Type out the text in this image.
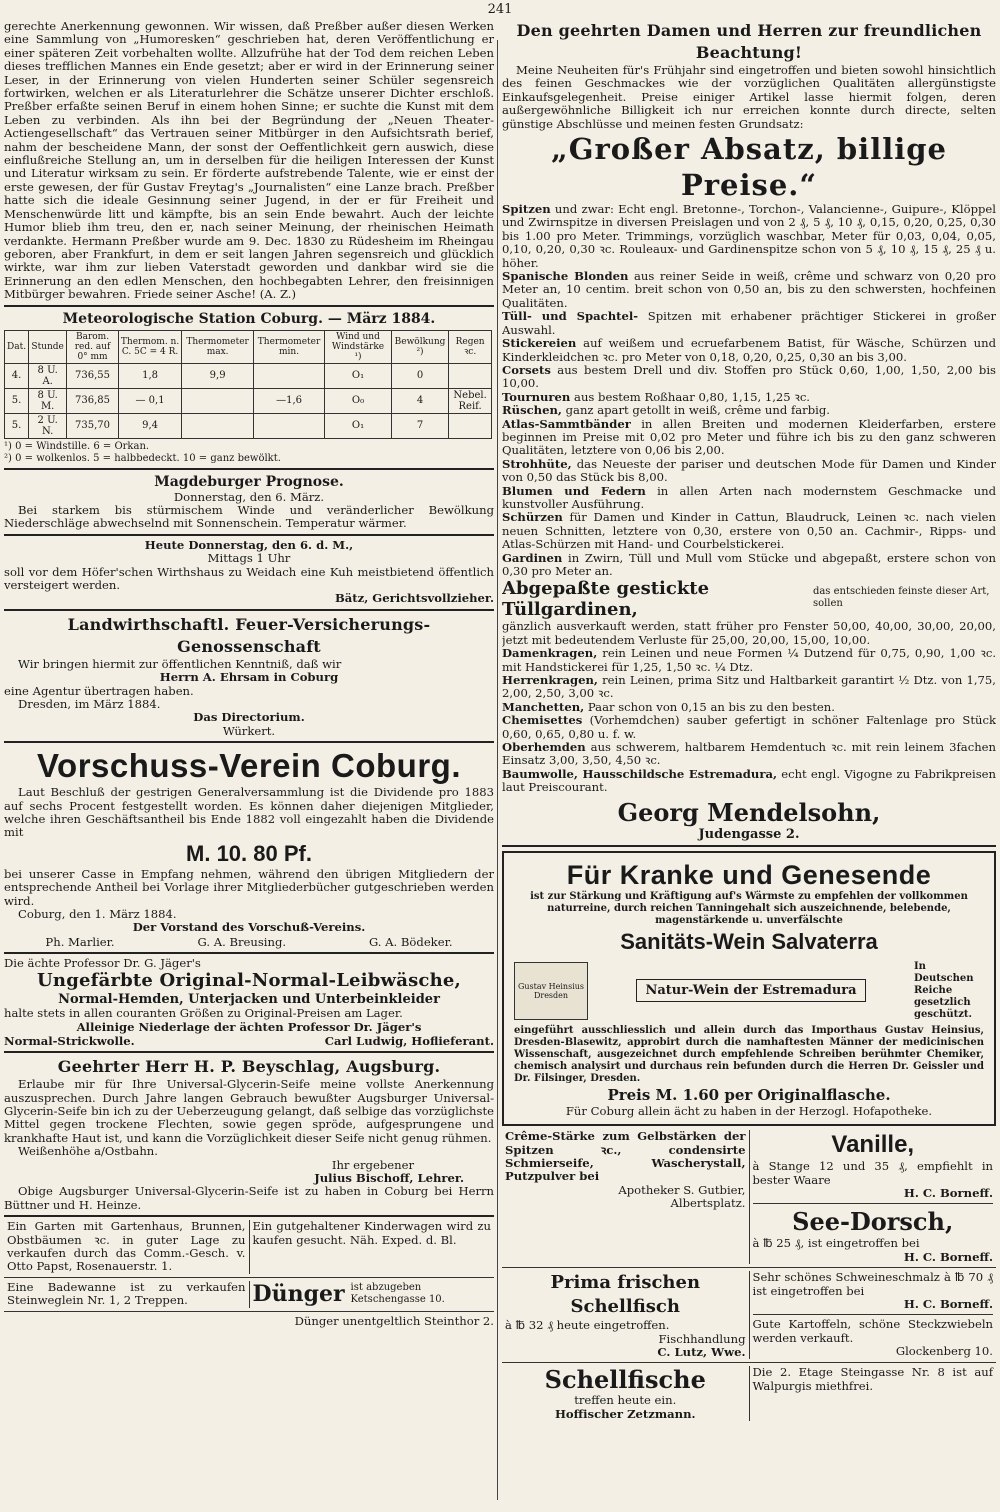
241

gerechte Anerkennung gewonnen. Wir wissen, daß Preßber außer diesen Werken eine Sammlung von „Humoresken“ geschrieben hat, deren Veröffentlichung er einer späteren Zeit vorbehalten wollte. Allzufrühe hat der Tod dem reichen Leben dieses trefflichen Mannes ein Ende gesetzt; aber er wird in der Erinnerung seiner Leser, in der Erinnerung von vielen Hunderten seiner Schüler segensreich fortwirken, welchen er als Literaturlehrer die Schätze unserer Dichter erschloß. Preßber erfaßte seinen Beruf in einem hohen Sinne; er suchte die Kunst mit dem Leben zu verbinden. Als ihn bei der Begründung der „Neuen Theater-Actiengesellschaft“ das Vertrauen seiner Mitbürger in den Aufsichtsrath berief, nahm der bescheidene Mann, der sonst der Oeffentlichkeit gern auswich, diese einflußreiche Stellung an, um in derselben für die heiligen Interessen der Kunst und Literatur wirksam zu sein. Er förderte aufstrebende Talente, wie er einst der erste gewesen, der für Gustav Freytag's „Journalisten“ eine Lanze brach. Preßber hatte sich die ideale Gesinnung seiner Jugend, in der er für Freiheit und Menschenwürde litt und kämpfte, bis an sein Ende bewahrt. Auch der leichte Humor blieb ihm treu, den er, nach seiner Meinung, der rheinischen Heimath verdankte. Hermann Preßber wurde am 9. Dec. 1830 zu Rüdesheim im Rheingau geboren, aber Frankfurt, in dem er seit langen Jahren segensreich und glücklich wirkte, war ihm zur lieben Vaterstadt geworden und dankbar wird sie die Erinnerung an den edlen Menschen, den hochbegabten Lehrer, den freisinnigen Mitbürger bewahren. Friede seiner Asche! (A. Z.)

Meteorologische Station Coburg. — März 1884.
Dat.	Stunde	Barom. red. auf 0° mm	Thermom. n. C. 5C = 4 R.	Thermometer max.	Thermometer min.	Wind und Windstärke ¹)	Bewölkung ²)	Regen ꝛc.
4.	8 U. A.	736,55	1,8	9,9		O₁	0	
5.	8 U. M.	736,85	— 0,1		—1,6	O₀	4	Nebel. Reif.
5.	2 U. N.	735,70	9,4			O₁	7	

¹) 0 = Windstille. 6 = Orkan.

²) 0 = wolkenlos. 5 = halbbedeckt. 10 = ganz bewölkt.

Magdeburger Prognose.

Donnerstag, den 6. März.

Bei starkem bis stürmischem Winde und veränderlicher Bewölkung Niederschläge abwechselnd mit Sonnenschein. Temperatur wärmer.

Heute Donnerstag, den 6. d. M.,

Mittags 1 Uhr

soll vor dem Höfer'schen Wirthshaus zu Weidach eine Kuh meistbietend öffentlich versteigert werden.

Bätz, Gerichtsvollzieher.

Landwirthschaftl. Feuer-Versicherungs-Genossenschaft

Wir bringen hiermit zur öffentlichen Kenntniß, daß wir

Herrn A. Ehrsam in Coburg

eine Agentur übertragen haben.

Dresden, im März 1884.

Das Directorium.

Würkert.

Vorschuss-Verein Coburg.

Laut Beschluß der gestrigen Generalversammlung ist die Dividende pro 1883 auf sechs Procent festgestellt worden. Es können daher diejenigen Mitglieder, welche ihren Geschäftsantheil bis Ende 1882 voll eingezahlt haben die Dividende mit

M. 10. 80 Pf.

bei unserer Casse in Empfang nehmen, während den übrigen Mitgliedern der entsprechende Antheil bei Vorlage ihrer Mitgliederbücher gutgeschrieben werden wird.

Coburg, den 1. März 1884.

Der Vorstand des Vorschuß-Vereins.

Ph. Marlier.	G. A. Breusing.	G. A. Bödeker.

Die ächte Professor Dr. G. Jäger's

Ungefärbte Original-Normal-Leibwäsche,
Normal-Hemden, Unterjacken und Unterbeinkleider

halte stets in allen couranten Größen zu Original-Preisen am Lager.

Alleinige Niederlage der ächten Professor Dr. Jäger's

Normal-Strickwolle.	Carl Ludwig, Hoflieferant.
Geehrter Herr H. P. Beyschlag, Augsburg.

Erlaube mir für Ihre Universal-Glycerin-Seife meine vollste Anerkennung auszusprechen. Durch Jahre langen Gebrauch bewußter Augsburger Universal-Glycerin-Seife bin ich zu der Ueberzeugung gelangt, daß selbige das vorzüglichste Mittel gegen trockene Flechten, sowie gegen spröde, aufgesprungene und krankhafte Haut ist, und kann die Vorzüglichkeit dieser Seife nicht genug rühmen.

Weißenhöhe a/Ostbahn.

Ihr ergebener

Julius Bischoff, Lehrer.

Obige Augsburger Universal-Glycerin-Seife ist zu haben in Coburg bei Herrn Büttner und H. Heinze.

Ein Garten mit Gartenhaus, Brunnen, Obstbäumen ꝛc. in guter Lage zu verkaufen durch das Comm.-Gesch. v. Otto Papst, Rosenauerstr. 1.

Ein gutgehaltener Kinderwagen wird zu kaufen gesucht. Näh. Exped. d. Bl.

Eine Badewanne ist zu verkaufen Steinweglein Nr. 1, 2 Treppen.	Dünger ist abzugeben Ketschengasse 10.

Dünger unentgeltlich Steinthor 2.

Den geehrten Damen und Herren zur freundlichen Beachtung!

Meine Neuheiten für's Frühjahr sind eingetroffen und bieten sowohl hinsichtlich des feinen Geschmackes wie der vorzüglichen Qualitäten allergünstigste Einkaufsgelegenheit. Preise einiger Artikel lasse hiermit folgen, deren außergewöhnliche Billigkeit ich nur erreichen konnte durch directe, selten günstige Abschlüsse und meinen festen Grundsatz:

„Großer Absatz, billige Preise.“

Spitzen und zwar: Echt engl. Bretonne-, Torchon-, Valancienne-, Guipure-, Klöppel und Zwirnspitze in diversen Preislagen und von 2 ₰, 5 ₰, 10 ₰, 0,15, 0,20, 0,25, 0,30 bis 1.00 pro Meter. Trimmings, vorzüglich waschbar, Meter für 0,03, 0,04, 0,05, 0,10, 0,20, 0,30 ꝛc. Rouleaux- und Gardinenspitze schon von 5 ₰, 10 ₰, 15 ₰, 25 ₰ u. höher.

Spanische Blonden aus reiner Seide in weiß, crême und schwarz von 0,20 pro Meter an, 10 centim. breit schon von 0,50 an, bis zu den schwersten, hochfeinen Qualitäten.

Tüll- und Spachtel- Spitzen mit erhabener prächtiger Stickerei in großer Auswahl.

Stickereien auf weißem und ecruefarbenem Batist, für Wäsche, Schürzen und Kinderkleidchen ꝛc. pro Meter von 0,18, 0,20, 0,25, 0,30 an bis 3,00.

Corsets aus bestem Drell und div. Stoffen pro Stück 0,60, 1,00, 1,50, 2,00 bis 10,00.

Tournuren aus bestem Roßhaar 0,80, 1,15, 1,25 ꝛc.

Rüschen, ganz apart getollt in weiß, crême und farbig.

Atlas-Sammtbänder in allen Breiten und modernen Kleiderfarben, erstere beginnen im Preise mit 0,02 pro Meter und führe ich bis zu den ganz schweren Qualitäten, letztere von 0,06 bis 2,00.

Strohhüte, das Neueste der pariser und deutschen Mode für Damen und Kinder von 0,50 das Stück bis 8,00.

Blumen und Federn in allen Arten nach modernstem Geschmacke und kunstvoller Ausführung.

Schürzen für Damen und Kinder in Cattun, Blaudruck, Leinen ꝛc. nach vielen neuen Schnitten, letztere von 0,30, erstere von 0,50 an. Cachmir-, Ripps- und Atlas-Schürzen mit Hand- und Courbelstickerei.

Gardinen in Zwirn, Tüll und Mull vom Stücke und abgepaßt, erstere schon von 0,30 pro Meter an.

Abgepaßte gestickte Tüllgardinen,
das entschieden feinste dieser Art, sollen

gänzlich ausverkauft werden, statt früher pro Fenster 50,00, 40,00, 30,00, 20,00, jetzt mit bedeutendem Verluste für 25,00, 20,00, 15,00, 10,00.

Damenkragen, rein Leinen und neue Formen ¼ Dutzend für 0,75, 0,90, 1,00 ꝛc. mit Handstickerei für 1,25, 1,50 ꝛc. ¼ Dtz.

Herrenkragen, rein Leinen, prima Sitz und Haltbarkeit garantirt ½ Dtz. von 1,75, 2,00, 2,50, 3,00 ꝛc.

Manchetten, Paar schon von 0,15 an bis zu den besten.

Chemisettes (Vorhemdchen) sauber gefertigt in schöner Faltenlage pro Stück 0,60, 0,65, 0,80 u. f. w.

Oberhemden aus schwerem, haltbarem Hemdentuch ꝛc. mit rein leinem 3fachen Einsatz 3,00, 3,50, 4,50 ꝛc.

Baumwolle, Hausschildsche Estremadura, echt engl. Vigogne zu Fabrikpreisen laut Preiscourant.

Georg Mendelsohn,
Judengasse 2.
Für Kranke und Genesende

ist zur Stärkung und Kräftigung auf's Wärmste zu empfehlen der vollkommen naturreine, durch reichen Tanningehalt sich auszeichnende, belebende, magenstärkende u. unverfälschte

Sanitäts-Wein Salvaterra
Gustav Heinsius Dresden	Natur-Wein der Estremadura
In Deutschen Reiche gesetzlich geschützt.

eingeführt ausschliesslich und allein durch das Importhaus Gustav Heinsius, Dresden-Blasewitz, approbirt durch die namhaftesten Männer der medicinischen Wissenschaft, ausgezeichnet durch empfehlende Schreiben berühmter Chemiker, chemisch analysirt und durchaus rein befunden durch die Herren Dr. Geissler und Dr. Filsinger, Dresden.

Preis M. 1.60 per Originalflasche.

Für Coburg allein ächt zu haben in der Herzogl. Hofapotheke.

Crême-Stärke zum Gelbstärken der Spitzen ꝛc., condensirte Schmierseife, Wascherystall, Putzpulver bei

Apotheker S. Gutbier,

Albertsplatz.

Vanille,

à Stange 12 und 35 ₰, empfiehlt in bester Waare

H. C. Borneff.

See-Dorsch,

à ℔ 25 ₰, ist eingetroffen bei

H. C. Borneff.

Prima frischen Schellfisch

à ℔ 32 ₰ heute eingetroffen.

Fischhandlung

C. Lutz, Wwe.

Sehr schönes Schweineschmalz à ℔ 70 ₰ ist eingetroffen bei

H. C. Borneff.

Gute Kartoffeln, schöne Steckzwiebeln werden verkauft.

Glockenberg 10.

Schellfische

treffen heute ein.

Hoffischer Zetzmann.

Die 2. Etage Steingasse Nr. 8 ist auf Walpurgis miethfrei.
